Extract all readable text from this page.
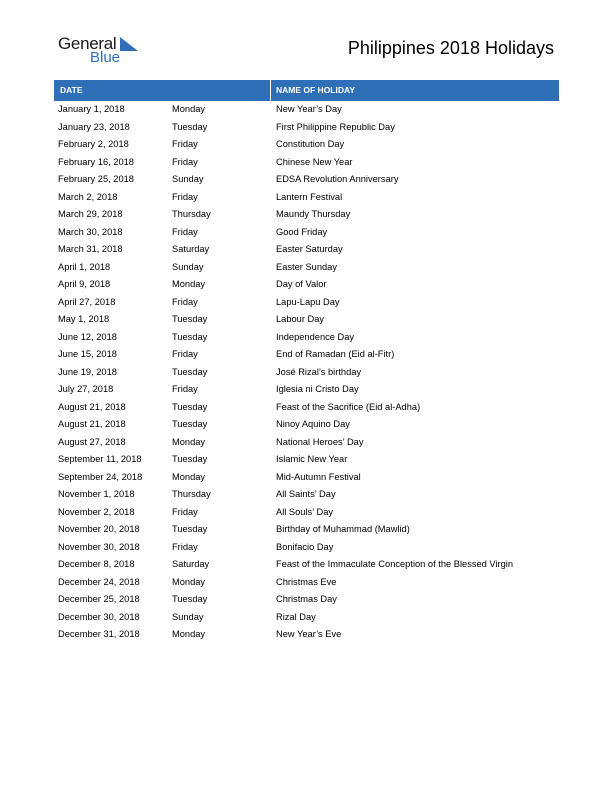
General
Blue	Philippines 2018 Holidays
DATE	NAME OF HOLIDAY
January 1, 2018	Monday	New Year’s Day
January 23, 2018	Tuesday	First Philippine Republic Day
February 2, 2018	Friday	Constitution Day
February 16, 2018	Friday	Chinese New Year
February 25, 2018	Sunday	EDSA Revolution Anniversary
March 2, 2018	Friday	Lantern Festival
March 29, 2018	Thursday	Maundy Thursday
March 30, 2018	Friday	Good Friday
March 31, 2018	Saturday	Easter Saturday
April 1, 2018	Sunday	Easter Sunday
April 9, 2018	Monday	Day of Valor
April 27, 2018	Friday	Lapu-Lapu Day
May 1, 2018	Tuesday	Labour Day
June 12, 2018	Tuesday	Independence Day
June 15, 2018	Friday	End of Ramadan (Eid al-Fitr)
June 19, 2018	Tuesday	José Rizal’s birthday
July 27, 2018	Friday	Iglesia ni Cristo Day
August 21, 2018	Tuesday	Feast of the Sacrifice (Eid al-Adha)
August 21, 2018	Tuesday	Ninoy Aquino Day
August 27, 2018	Monday	National Heroes’ Day
September 11, 2018	Tuesday	Islamic New Year
September 24, 2018	Monday	Mid-Autumn Festival
November 1, 2018	Thursday	All Saints’ Day
November 2, 2018	Friday	All Souls’ Day
November 20, 2018	Tuesday	Birthday of Muhammad (Mawlid)
November 30, 2018	Friday	Bonifacio Day
December 8, 2018	Saturday	Feast of the Immaculate Conception of the Blessed Virgin
December 24, 2018	Monday	Christmas Eve
December 25, 2018	Tuesday	Christmas Day
December 30, 2018	Sunday	Rizal Day
December 31, 2018	Monday	New Year’s Eve
